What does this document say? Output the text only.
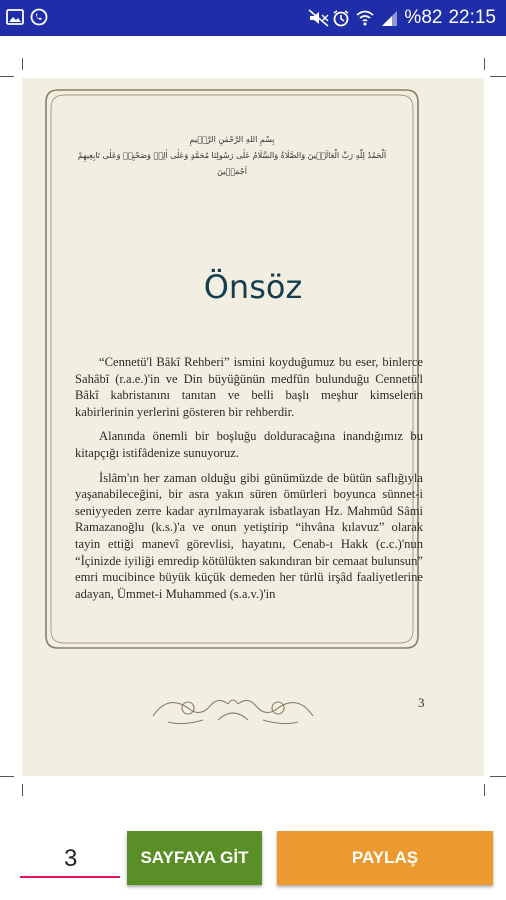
%82 22:15
بِسْمِ اللهِ الرَّحْمٰنِ الرَّح۪يمِ
اَلْحَمْدُ لِلّٰهِ رَبِّ الْعَالَم۪ينَ وَالصَّلَاةُ وَالسَّلَامُ عَلٰى رَسُولِنَا مُحَمَّدٍ وَعَلٰى اٰلِه۪ وَصَحْبِه۪ وَعَلٰى تَابِعِيهِمْ اَجْمَع۪ينَ
Önsöz

“Cennetü'l Bâkî Rehberi” ismini koyduğumuz bu eser, binlerce Sahâbî (r.a.e.)'in ve Din büyüğünün medfûn bulunduğu Cennetü'l Bâkî kabristanını tanıtan ve belli başlı meşhur kimselerin kabirlerinin yerlerini gösteren bir rehberdir.

Alanında önemli bir boşluğu dolduracağına inandığımız bu kitapçığı istifâdenize sunuyoruz.

İslâm'ın her zaman olduğu gibi günümüzde de bütün saflığıyla yaşanabileceğini, bir asra yakın süren ömürleri boyunca sünnet-i seniyyeden zerre kadar ayrılmayarak isbatlayan Hz. Mahmûd Sâmi Ramazanoğlu (k.s.)'a ve onun yetiştirip “ihvâna kılavuz” olarak tayin ettiği manevî görevlisi, hayatını, Cenab-ı Hakk (c.c.)'nun “İçinizde iyiliği emredip kötülükten sakındıran bir cemaat bulunsun” emri mucibince büyük küçük demeden her türlü irşâd faaliyetlerine adayan, Ümmet-i Muhammed (s.a.v.)'in

3
3
SAYFAYA GİT	PAYLAŞ
